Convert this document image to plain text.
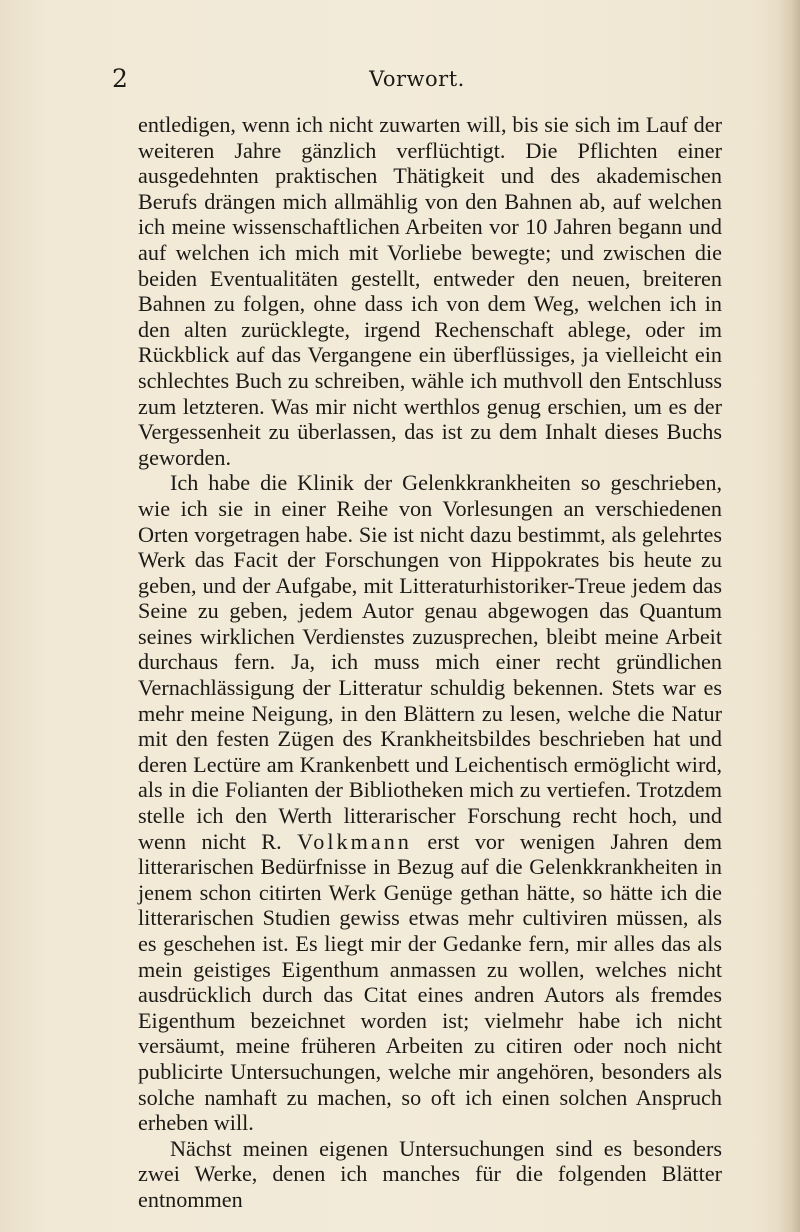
2	Vorwort.

entledigen, wenn ich nicht zuwarten will, bis sie sich im Lauf der weiteren Jahre gänzlich verflüchtigt. Die Pflichten einer ausgedehnten praktischen Thätigkeit und des akademischen Berufs drängen mich allmählig von den Bahnen ab, auf welchen ich meine wissenschaftlichen Arbeiten vor 10 Jahren begann und auf welchen ich mich mit Vorliebe bewegte; und zwischen die beiden Eventualitäten gestellt, entweder den neuen, breiteren Bahnen zu folgen, ohne dass ich von dem Weg, welchen ich in den alten zurücklegte, irgend Rechenschaft ablege, oder im Rückblick auf das Vergangene ein überflüssiges, ja vielleicht ein schlechtes Buch zu schreiben, wähle ich muthvoll den Entschluss zum letzteren. Was mir nicht werthlos genug erschien, um es der Vergessenheit zu überlassen, das ist zu dem Inhalt dieses Buchs geworden.

Ich habe die Klinik der Gelenkkrankheiten so geschrieben, wie ich sie in einer Reihe von Vorlesungen an verschiedenen Orten vorgetragen habe. Sie ist nicht dazu bestimmt, als gelehrtes Werk das Facit der Forschungen von Hippokrates bis heute zu geben, und der Aufgabe, mit Litteraturhistoriker-Treue jedem das Seine zu geben, jedem Autor genau abgewogen das Quantum seines wirklichen Verdienstes zuzusprechen, bleibt meine Arbeit durchaus fern. Ja, ich muss mich einer recht gründlichen Vernachlässigung der Litteratur schuldig bekennen. Stets war es mehr meine Neigung, in den Blättern zu lesen, welche die Natur mit den festen Zügen des Krankheitsbildes beschrieben hat und deren Lectüre am Krankenbett und Leichentisch ermöglicht wird, als in die Folianten der Bibliotheken mich zu vertiefen. Trotzdem stelle ich den Werth litterarischer Forschung recht hoch, und wenn nicht R. Volkmann erst vor wenigen Jahren dem litterarischen Bedürfnisse in Bezug auf die Gelenkkrankheiten in jenem schon citirten Werk Genüge gethan hätte, so hätte ich die litterarischen Studien gewiss etwas mehr cultiviren müssen, als es geschehen ist. Es liegt mir der Gedanke fern, mir alles das als mein geistiges Eigenthum anmassen zu wollen, welches nicht ausdrücklich durch das Citat eines andren Autors als fremdes Eigenthum bezeichnet worden ist; vielmehr habe ich nicht versäumt, meine früheren Arbeiten zu citiren oder noch nicht publicirte Untersuchungen, welche mir angehören, besonders als solche namhaft zu machen, so oft ich einen solchen Anspruch erheben will.

Nächst meinen eigenen Untersuchungen sind es besonders zwei Werke, denen ich manches für die folgenden Blätter entnommen
